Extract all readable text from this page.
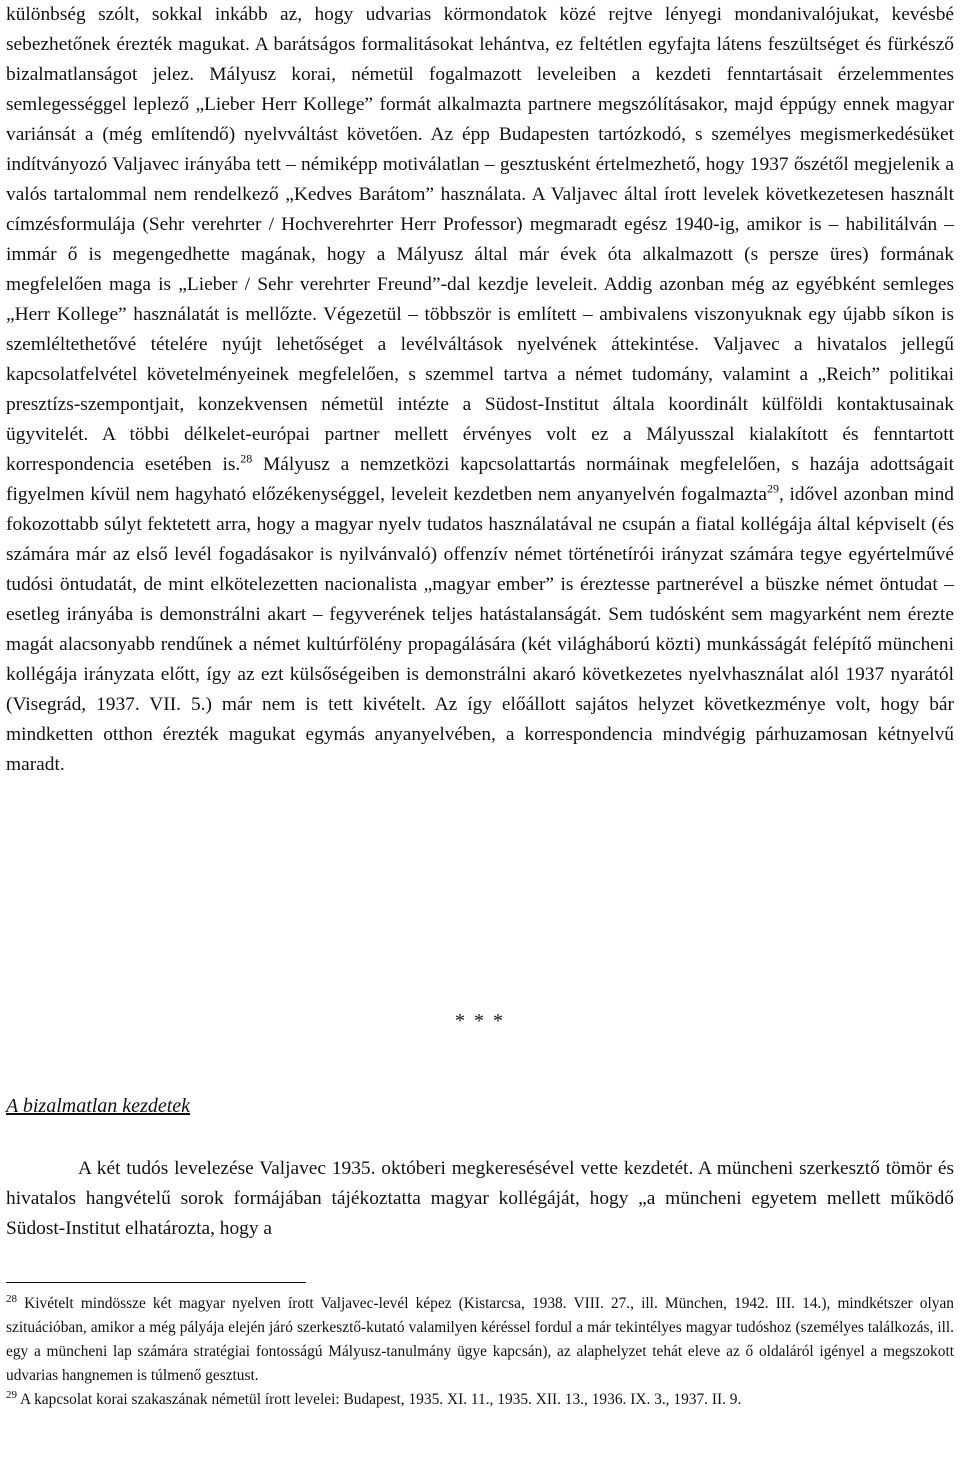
különbség szólt, sokkal inkább az, hogy udvarias körmondatok közé rejtve lényegi mondanivalójukat, kevésbé sebezhetőnek érezték magukat. A barátságos formalitásokat lehántva, ez feltétlen egyfajta látens feszültséget és fürkésző bizalmatlanságot jelez. Mályusz korai, németül fogalmazott leveleiben a kezdeti fenntartásait érzelemmentes semlegességgel leplező „Lieber Herr Kollege” formát alkalmazta partnere megszólításakor, majd éppúgy ennek magyar variánsát a (még említendő) nyelvváltást követően. Az épp Budapesten tartózkodó, s személyes megismerkedésüket indítványozó Valjavec irányába tett – némiképp motiválatlan – gesztusként értelmezhető, hogy 1937 őszétől megjelenik a valós tartalommal nem rendelkező „Kedves Barátom” használata. A Valjavec által írott levelek következetesen használt címzésformulája (Sehr verehrter / Hochverehrter Herr Professor) megmaradt egész 1940-ig, amikor is – habilitálván – immár ő is megengedhette magának, hogy a Mályusz által már évek óta alkalmazott (s persze üres) formának megfelelően maga is „Lieber / Sehr verehrter Freund”-dal kezdje leveleit. Addig azonban még az egyébként semleges „Herr Kollege” használatát is mellőzte. Végezetül – többször is említett – ambivalens viszonyuknak egy újabb síkon is szemléltethetővé tételére nyújt lehetőséget a levélváltások nyelvének áttekintése. Valjavec a hivatalos jellegű kapcsolatfelvétel követelményeinek megfelelően, s szemmel tartva a német tudomány, valamint a „Reich” politikai presztízs-szempontjait, konzekvensen németül intézte a Südost-Institut általa koordinált külföldi kontaktusainak ügyvitelét. A többi délkelet-európai partner mellett érvényes volt ez a Mályusszal kialakított és fenntartott korrespondencia esetében is.$^{28}$ Mályusz a nemzetközi kapcsolattartás normáinak megfelelően, s hazája adottságait figyelmen kívül nem hagyható előzékenységgel, leveleit kezdetben nem anyanyelvén fogalmazta$^{29}$, idővel azonban mind fokozottabb súlyt fektetett arra, hogy a magyar nyelv tudatos használatával ne csupán a fiatal kollégája által képviselt (és számára már az első levél fogadásakor is nyilvánvaló) offenzív német történetírói irányzat számára tegye egyértelművé tudósi öntudatát, de mint elkötelezetten nacionalista „magyar ember” is éreztesse partnerével a büszke német öntudat – esetleg irányába is demonstrálni akart – fegyverének teljes hatástalanságát. Sem tudósként sem magyarként nem érezte magát alacsonyabb rendűnek a német kultúrfölény propagálására (két világháború közti) munkásságát felépítő müncheni kollégája irányzata előtt, így az ezt külsőségeiben is demonstrálni akaró következetes nyelvhasználat alól 1937 nyarától (Visegrád, 1937. VII. 5.) már nem is tett kivételt. Az így előállott sajátos helyzet következménye volt, hogy bár mindketten otthon érezték magukat egymás anyanyelvében, a korrespondencia mindvégig párhuzamosan kétnyelvű maradt.

* * *
A bizalmatlan kezdetek

A két tudós levelezése Valjavec 1935. októberi megkeresésével vette kezdetét. A müncheni szerkesztő tömör és hivatalos hangvételű sorok formájában tájékoztatta magyar kollégáját, hogy „a müncheni egyetem mellett működő Südost-Institut elhatározta, hogy a

$^{28}$ Kivételt mindössze két magyar nyelven írott Valjavec-levél képez (Kistarcsa, 1938. VIII. 27., ill. München, 1942. III. 14.), mindkétszer olyan szituációban, amikor a még pályája elején járó szerkesztő-kutató valamilyen kéréssel fordul a már tekintélyes magyar tudóshoz (személyes találkozás, ill. egy a müncheni lap számára stratégiai fontosságú Mályusz-tanulmány ügye kapcsán), az alaphelyzet tehát eleve az ő oldaláról igényel a megszokott udvarias hangnemen is túlmenő gesztust.

$^{29}$ A kapcsolat korai szakaszának németül írott levelei: Budapest, 1935. XI. 11., 1935. XII. 13., 1936. IX. 3., 1937. II. 9.
